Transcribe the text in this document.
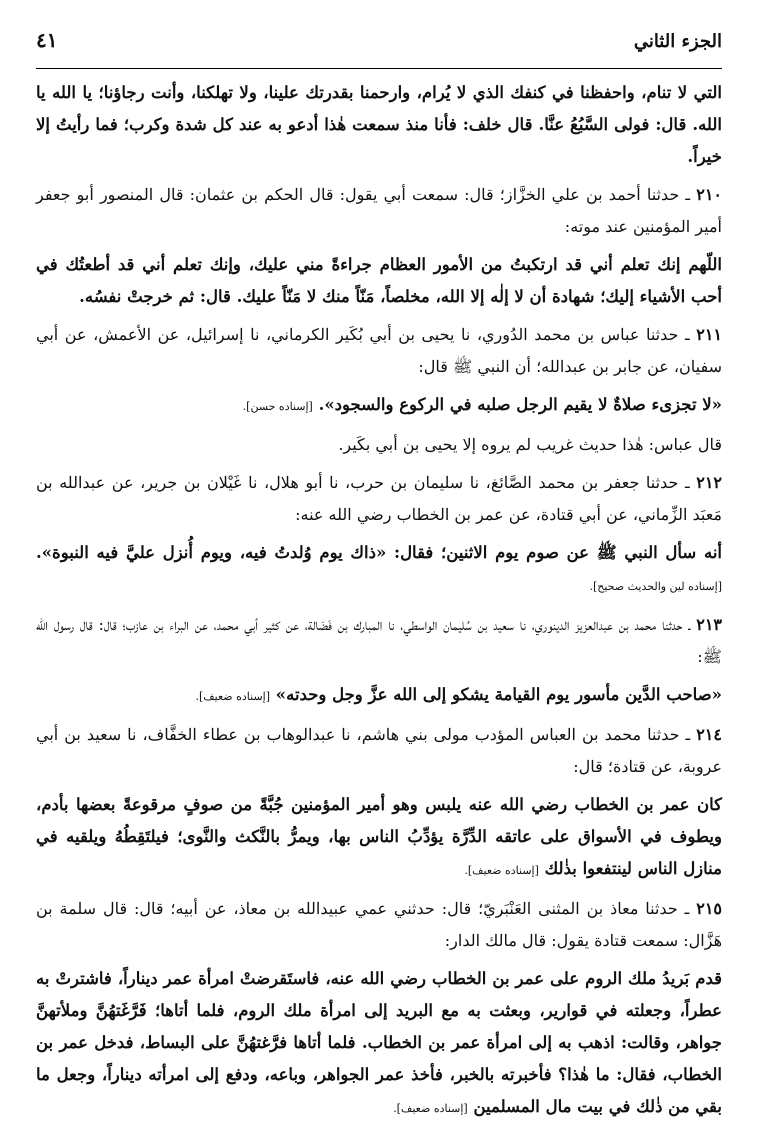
الجزء الثاني
٤١

التي لا تنام، واحفظنا في كنفك الذي لا يُرام، وارحمنا بقدرتك علينا، ولا تهلكنا، وأنت رجاؤنا؛ يا الله يا الله. قال: فولى السَّبُعُ عنَّا. قال خلف: فأنا منذ سمعت هٰذا أدعو به عند كل شدة وكرب؛ فما رأيتُ إلا خيراً.

٢١٠ ـ حدثنا أحمد بن علي الخزَّاز؛ قال: سمعت أبي يقول: قال الحكم بن عثمان: قال المنصور أبو جعفر أمير المؤمنين عند موته:

اللّهم إنك تعلم أني قد ارتكبتُ من الأمور العظام جراءةً مني عليك، وإنك تعلم أني قد أطعتُك في أحب الأشياء إليك؛ شهادة أن لا إلٰه إلا الله، مخلصاً، مَنّاً منك لا مَنّاً عليك. قال: ثم خرجتْ نفسُه.

٢١١ ـ حدثنا عباس بن محمد الدُوري، نا يحيى بن أبي بُكَير الكرماني، نا إسرائيل، عن الأعمش، عن أبي سفيان، عن جابر بن عبدالله؛ أن النبي ﷺ قال:

«لا تجزىء صلاةٌ لا يقيم الرجل صلبه في الركوع والسجود». [إسناده حسن].

قال عباس: هٰذا حديث غريب لم يروه إلا يحيى بن أبي بكَير.

٢١٢ ـ حدثنا جعفر بن محمد الصَّائغ، نا سليمان بن حرب، نا أبو هلال، نا غَيْلان بن جرير، عن عبدالله بن مَعبَد الزِّماني، عن أبي قتادة، عن عمر بن الخطاب رضي الله عنه:

أنه سأل النبي ﷺ عن صوم يوم الاثنين؛ فقال: «ذاك يوم وُلدتُ فيه، ويوم أُنزل عليَّ فيه النبوة». [إسناده لين والحديث صحيح].

٢١٣ ـ حدثنا محمد بن عبدالعزيز الدينوري، نا سعيد بن سُليمان الواسطي، نا المبارك بن فَضَالة، عن كثير أبي محمد، عن البراء بن عازب؛ قال: قال رسول الله ﷺ:

«صاحب الدَّين مأسور يوم القيامة يشكو إلى الله عزَّ وجل وحدته» [إسناده ضعيف].

٢١٤ ـ حدثنا محمد بن العباس المؤدب مولى بني هاشم، نا عبدالوهاب بن عطاء الخفَّاف، نا سعيد بن أبي عروبة، عن قتادة؛ قال:

كان عمر بن الخطاب رضي الله عنه يلبس وهو أمير المؤمنين جُبَّةً من صوفٍ مرقوعةً بعضها بأدم، ويطوف في الأسواق على عاتقه الدِّرَّة يؤدِّبُ الناس بها، ويمرُّ بالنَّكث والنَّوى؛ فيلتَقِطُهُ ويلقيه في منازل الناس لينتفعوا بذٰلك [إسناده ضعيف].

٢١٥ ـ حدثنا معاذ بن المثنى العَنْبَريّ؛ قال: حدثني عمي عبيدالله بن معاذ، عن أبيه؛ قال: قال سلمة بن هَزَّال: سمعت قتادة يقول: قال مالك الدار:

قدم بَريدُ ملك الروم على عمر بن الخطاب رضي الله عنه، فاستَقرضتْ امرأة عمر ديناراً، فاشترتْ به عطراً، وجعلته في قوارير، وبعثت به مع البريد إلى امرأة ملك الروم، فلما أتاها؛ فَرَّغَتهُنَّ وملأتهنَّ جواهر، وقالت: اذهب به إلى امرأة عمر بن الخطاب. فلما أتاها فرَّغتهُنَّ على البساط، فدخل عمر بن الخطاب، فقال: ما هٰذا؟ فأخبرته بالخبر، فأخذ عمر الجواهر، وباعه، ودفع إلى امرأته ديناراً، وجعل ما بقي من ذٰلك في بيت مال المسلمين [إسناده ضعيف].
